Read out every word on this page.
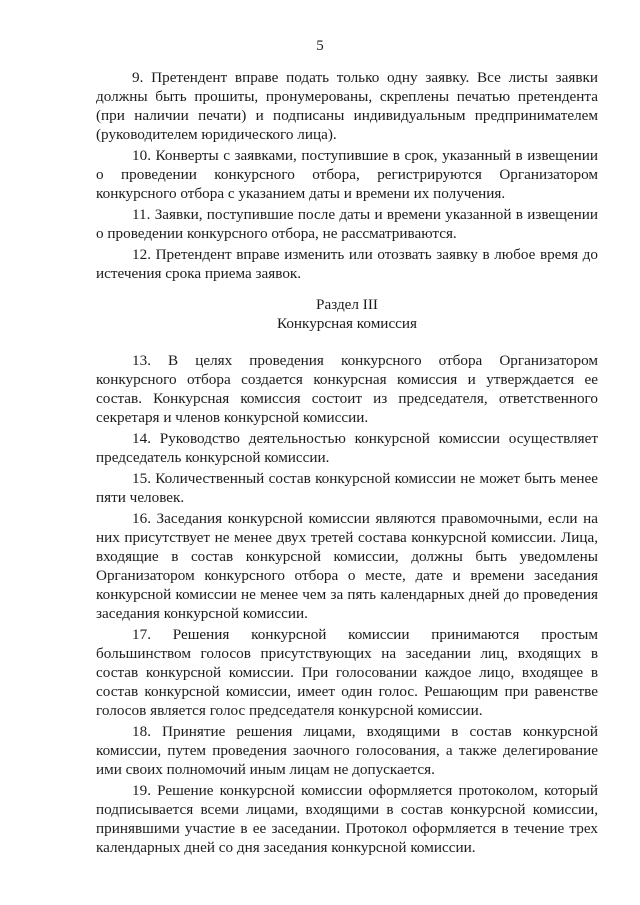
5

9. Претендент вправе подать только одну заявку. Все листы заявки должны быть прошиты, пронумерованы, скреплены печатью претендента (при наличии печати) и подписаны индивидуальным предпринимателем (руководителем юридического лица).

10. Конверты с заявками, поступившие в срок, указанный в извещении о проведении конкурсного отбора, регистрируются Организатором конкурсного отбора с указанием даты и времени их получения.

11. Заявки, поступившие после даты и времени указанной в извещении о проведении конкурсного отбора, не рассматриваются.

12. Претендент вправе изменить или отозвать заявку в любое время до истечения срока приема заявок.

Раздел III

Конкурсная комиссия

13. В целях проведения конкурсного отбора Организатором конкурсного отбора создается конкурсная комиссия и утверждается ее состав. Конкурсная комиссия состоит из председателя, ответственного секретаря и членов конкурсной комиссии.

14. Руководство деятельностью конкурсной комиссии осуществляет председатель конкурсной комиссии.

15. Количественный состав конкурсной комиссии не может быть менее пяти человек.

16. Заседания конкурсной комиссии являются правомочными, если на них присутствует не менее двух третей состава конкурсной комиссии. Лица, входящие в состав конкурсной комиссии, должны быть уведомлены Организатором конкурсного отбора о месте, дате и времени заседания конкурсной комиссии не менее чем за пять календарных дней до проведения заседания конкурсной комиссии.

17. Решения конкурсной комиссии принимаются простым большинством голосов присутствующих на заседании лиц, входящих в состав конкурсной комиссии. При голосовании каждое лицо, входящее в состав конкурсной комиссии, имеет один голос. Решающим при равенстве голосов является голос председателя конкурсной комиссии.

18. Принятие решения лицами, входящими в состав конкурсной комиссии, путем проведения заочного голосования, а также делегирование ими своих полномочий иным лицам не допускается.

19. Решение конкурсной комиссии оформляется протоколом, который подписывается всеми лицами, входящими в состав конкурсной комиссии, принявшими участие в ее заседании. Протокол оформляется в течение трех календарных дней со дня заседания конкурсной комиссии.
